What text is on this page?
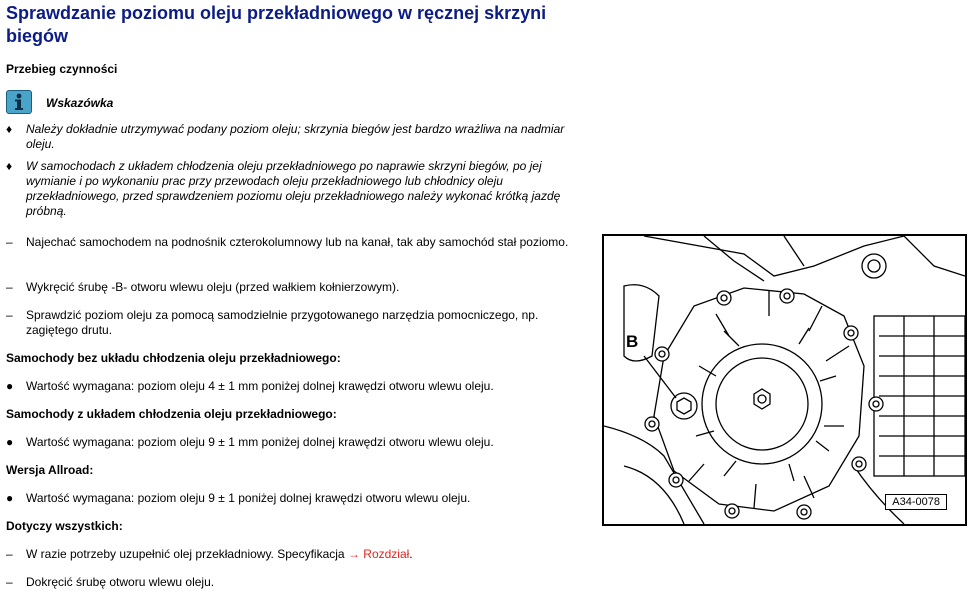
Sprawdzanie poziomu oleju przekładniowego w ręcznej skrzyni biegów
Przebieg czynności
Wskazówka
♦	Należy dokładnie utrzymywać podany poziom oleju; skrzynia biegów jest bardzo wrażliwa na nadmiar oleju.
♦	W samochodach z układem chłodzenia oleju przekładniowego po naprawie skrzyni biegów, po jej wymianie i po wykonaniu prac przy przewodach oleju przekładniowego lub chłodnicy oleju przekładniowego, przed sprawdzeniem poziomu oleju przekładniowego należy wykonać krótką jazdę próbną.
–	Najechać samochodem na podnośnik czterokolumnowy lub na kanał, tak aby samochód stał poziomo.
–	Wykręcić śrubę -B- otworu wlewu oleju (przed wałkiem kołnierzowym).
–	Sprawdzić poziom oleju za pomocą samodzielnie przygotowanego narzędzia pomocniczego, np. zagiętego drutu.
Samochody bez układu chłodzenia oleju przekładniowego:
●	Wartość wymagana: poziom oleju 4 ± 1 mm poniżej dolnej krawędzi otworu wlewu oleju.
Samochody z układem chłodzenia oleju przekładniowego:
●	Wartość wymagana: poziom oleju 9 ± 1 mm poniżej dolnej krawędzi otworu wlewu oleju.
Wersja Allroad:
●	Wartość wymagana: poziom oleju 9 ± 1 poniżej dolnej krawędzi otworu wlewu oleju.
Dotyczy wszystkich:
–	W razie potrzeby uzupełnić olej przekładniowy. Specyfikacja → Rozdział.
–	Dokręcić śrubę otworu wlewu oleju.
B
A34-0078
